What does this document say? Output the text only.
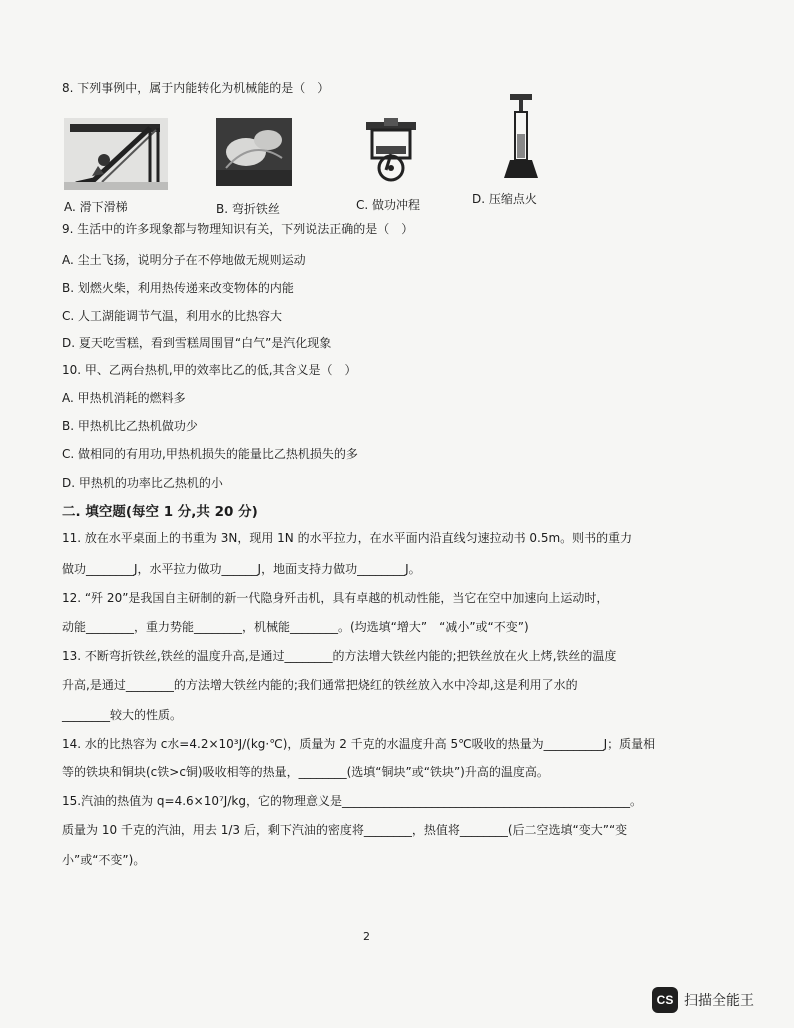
8. 下列事例中，属于内能转化为机械能的是（　）
A. 滑下滑梯	B. 弯折铁丝	C. 做功冲程	D. 压缩点火
9. 生活中的许多现象都与物理知识有关，下列说法正确的是（　）
A. 尘土飞扬，说明分子在不停地做无规则运动
B. 划燃火柴，利用热传递来改变物体的内能
C. 人工湖能调节气温，利用水的比热容大
D. 夏天吃雪糕，看到雪糕周围冒“白气”是汽化现象
10. 甲、乙两台热机,甲的效率比乙的低,其含义是（　）
A. 甲热机消耗的燃料多
B. 甲热机比乙热机做功少
C. 做相同的有用功,甲热机损失的能量比乙热机损失的多
D. 甲热机的功率比乙热机的小
二. 填空题(每空 1 分,共 20 分)
11. 放在水平桌面上的书重为 3N，现用 1N 的水平拉力，在水平面内沿直线匀速拉动书 0.5m。则书的重力
做功________J，水平拉力做功______J，地面支持力做功________J。
12. “歼 20”是我国自主研制的新一代隐身歼击机，具有卓越的机动性能，当它在空中加速向上运动时，
动能________，重力势能________，机械能________。(均选填“增大”　“减小”或“不变”)
13. 不断弯折铁丝,铁丝的温度升高,是通过________的方法增大铁丝内能的;把铁丝放在火上烤,铁丝的温度
升高,是通过________的方法增大铁丝内能的;我们通常把烧红的铁丝放入水中冷却,这是利用了水的
________较大的性质。
14. 水的比热容为 c水=4.2×10³J/(kg·℃)，质量为 2 千克的水温度升高 5℃吸收的热量为__________J；质量相
等的铁块和铜块(c铁>c铜)吸收相等的热量，________(选填“铜块”或“铁块”)升高的温度高。
15.汽油的热值为 q=4.6×10⁷J/kg，它的物理意义是________________________________________________。
质量为 10 千克的汽油，用去 1/3 后，剩下汽油的密度将________，热值将________(后二空选填“变大”“变
小”或“不变”)。
2
CS 扫描全能王
